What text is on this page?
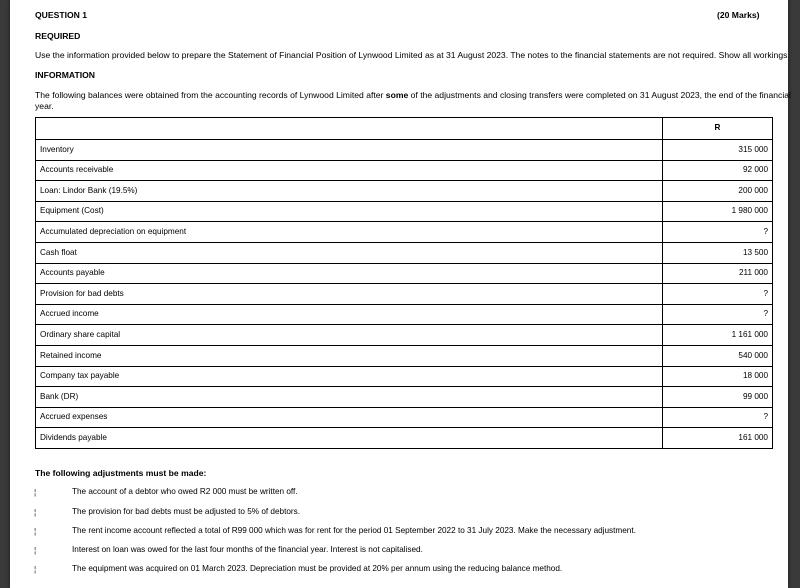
QUESTION 1	(20 Marks)
REQUIRED
Use the information provided below to prepare the Statement of Financial Position of Lynwood Limited as at 31 August 2023. The notes to the financial statements are not required. Show all workings.
INFORMATION
The following balances were obtained from the accounting records of Lynwood Limited after some of the adjustments and closing transfers were completed on 31 August 2023, the end of the financial
year.
	R
Inventory	315 000
Accounts receivable	92 000
Loan: Lindor Bank (19.5%)	200 000
Equipment (Cost)	1 980 000
Accumulated depreciation on equipment	?
Cash float	13 500
Accounts payable	211 000
Provision for bad debts	?
Accrued income	?
Ordinary share capital	1 161 000
Retained income	540 000
Company tax payable	18 000
Bank (DR)	99 000
Accrued expenses	?
Dividends payable	161 000
The following adjustments must be made:
¦	The account of a debtor who owed R2 000 must be written off.
¦	The provision for bad debts must be adjusted to 5% of debtors.
¦	The rent income account reflected a total of R99 000 which was for rent for the period 01 September 2022 to 31 July 2023. Make the necessary adjustment.
¦	Interest on loan was owed for the last four months of the financial year. Interest is not capitalised.
¦	The equipment was acquired on 01 March 2023. Depreciation must be provided at 20% per annum using the reducing balance method.
